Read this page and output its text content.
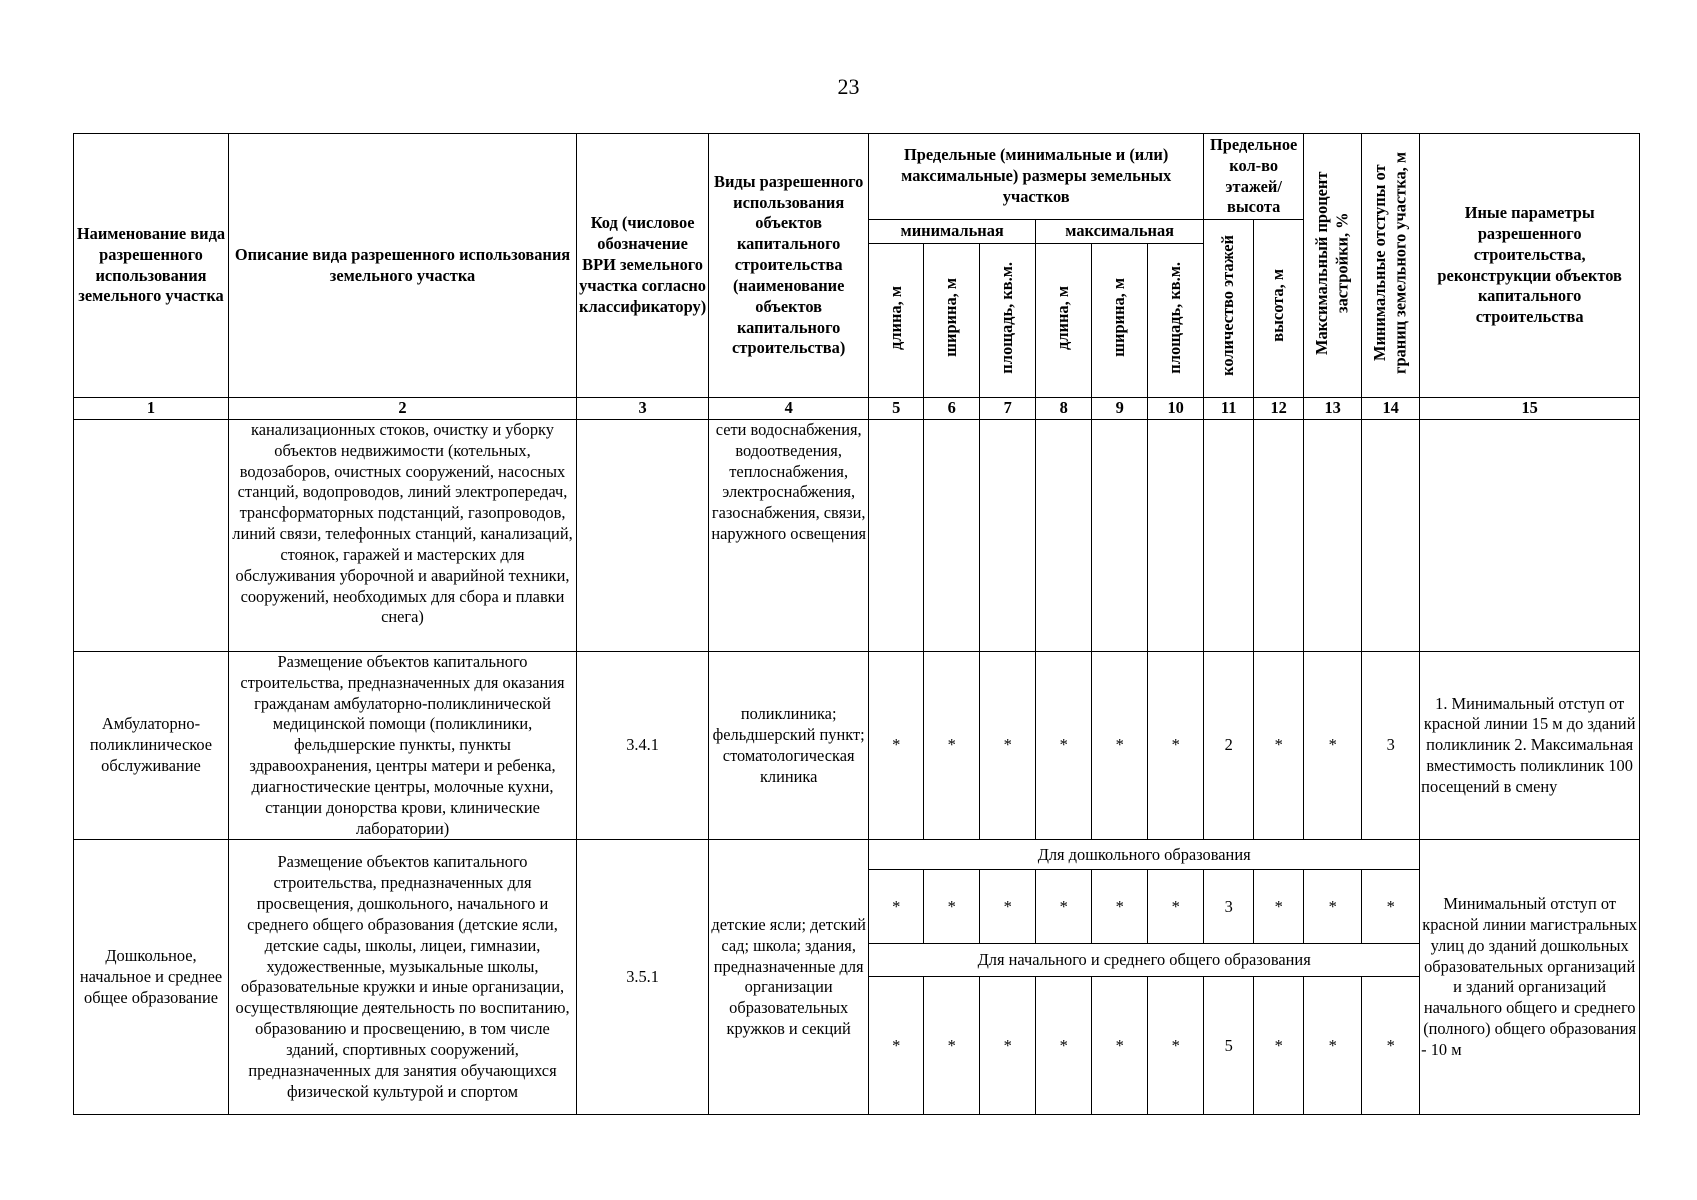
23
Наименование вида разрешенного использования земельного участка	Описание вида разрешенного использования земельного участка	Код (числовое обозначение ВРИ земельного участка согласно классификатору)	Виды разрешенного использования объектов капитального строительства (наименование объектов капитального строительства)	Предельные (минимальные и (или) максимальные) размеры земельных участков						Предельное кол-во этажей/ высота		Максимальный процент застройки, %	Минимальные отступы от границ земельного участка, м	Иные параметры разрешенного строительства, реконструкции объектов капитального строительства
				минимальная			максимальная			количество этажей	высота, м			
				длина, м	ширина, м	площадь, кв.м.	длина, м	ширина, м	площадь, кв.м.					
1	2	3	4	5	6	7	8	9	10	11	12	13	14	15
	канализационных стоков, очистку и уборку объектов недвижимости (котельных, водозаборов, очистных сооружений, насосных станций, водопроводов, линий электропередач, трансформаторных подстанций, газопроводов, линий связи, телефонных станций, канализаций, стоянок, гаражей и мастерских для обслуживания уборочной и аварийной техники, сооружений, необходимых для сбора и плавки снега)		сети водоснабжения, водоотведения, теплоснабжения, электроснабжения, газоснабжения, связи, наружного освещения											
Амбулаторно-поликлиническое обслуживание	Размещение объектов капитального строительства, предназначенных для оказания гражданам амбулаторно-поликлинической медицинской помощи (поликлиники, фельдшерские пункты, пункты здравоохранения, центры матери и ребенка, диагностические центры, молочные кухни, станции донорства крови, клинические лаборатории)	3.4.1	поликлиника; фельдшерский пункт; стоматологическая клиника	*	*	*	*	*	*	2	*	*	3	1. Минимальный отступ от красной линии 15 м до зданий поликлиник 2. Максимальная вместимость поликлиник 100 посещений в смену
Дошкольное, начальное и среднее общее образование	Размещение объектов капитального строительства, предназначенных для просвещения, дошкольного, начального и среднего общего образования (детские ясли, детские сады, школы, лицеи, гимназии, художественные, музыкальные школы, образовательные кружки и иные организации, осуществляющие деятельность по воспитанию, образованию и просвещению, в том числе зданий, спортивных сооружений, предназначенных для занятия обучающихся физической культурой и спортом	3.5.1	детские ясли; детский сад; школа; здания, предназначенные для организации образовательных кружков и секций	Для дошкольного образования										Минимальный отступ от красной линии магистральных улиц до зданий дошкольных образовательных организаций и зданий организаций начального общего и среднего (полного) общего образования - 10 м
				*	*	*	*	*	*	3	*	*	*	
				Для начального и среднего общего образования										
				*	*	*	*	*	*	5	*	*	*	
